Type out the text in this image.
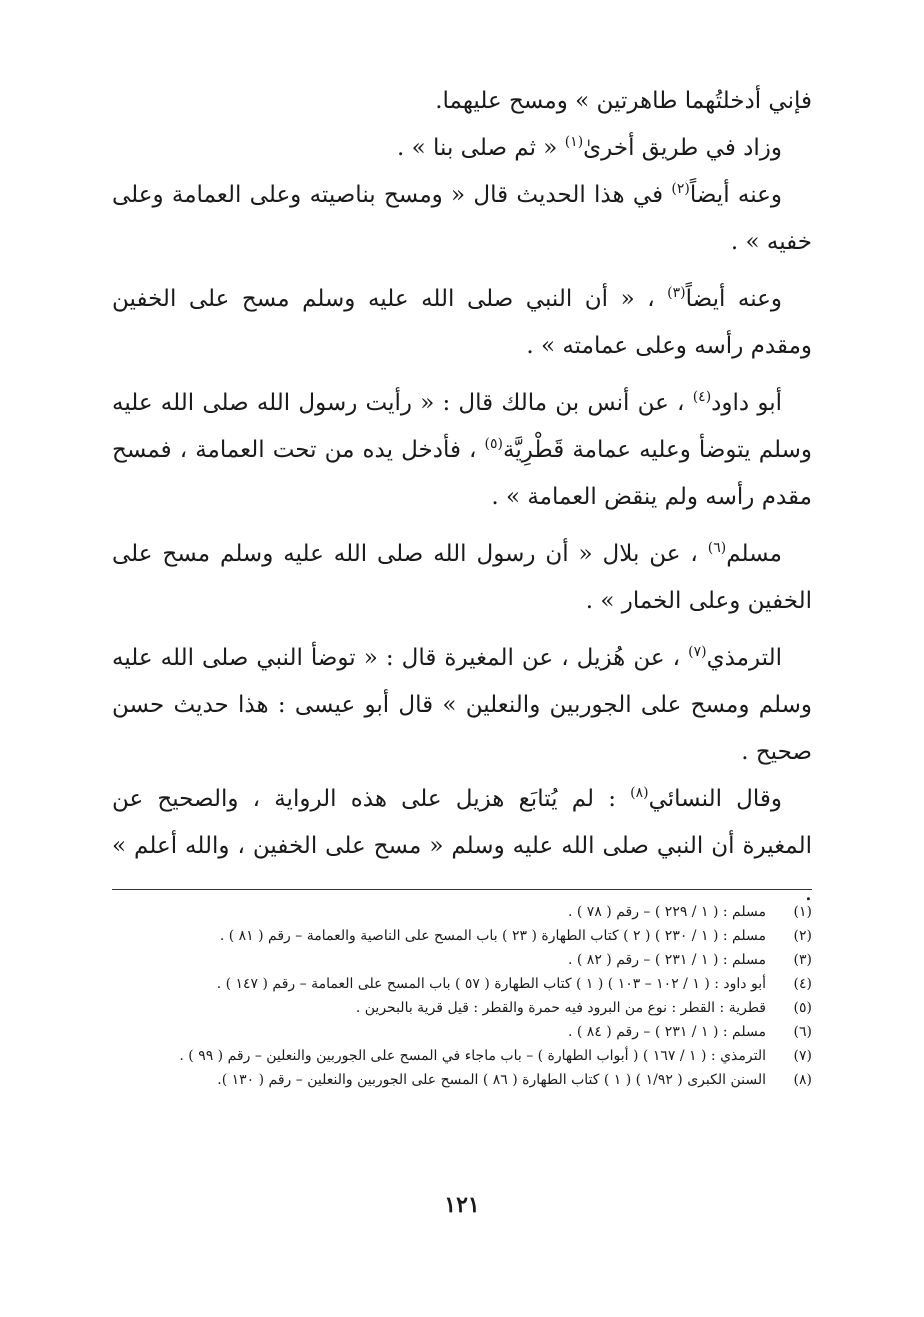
فإني أدخلتُهما طاهرتين » ومسح عليهما.

وزاد في طريق أخرىٰ$^{(١)}$ « ثم صلى بنا » .

وعنه أيضاً$^{(٢)}$ في هذا الحديث قال « ومسح بناصيته وعلى العمامة وعلى خفيه » .

وعنه أيضاً$^{(٣)}$ ، « أن النبي صلى الله عليه وسلم مسح على الخفين ومقدم رأسه وعلى عمامته » .

أبو داود$^{(٤)}$ ، عن أنس بن مالك قال : « رأيت رسول الله صلى الله عليه وسلم يتوضأ وعليه عمامة قَطْرِيَّة$^{(٥)}$ ، فأدخل يده من تحت العمامة ، فمسح مقدم رأسه ولم ينقض العمامة » .

مسلم$^{(٦)}$ ، عن بلال « أن رسول الله صلى الله عليه وسلم مسح على الخفين وعلى الخمار » .

الترمذي$^{(٧)}$ ، عن هُزيل ، عن المغيرة قال : « توضأ النبي صلى الله عليه وسلم ومسح على الجوربين والنعلين » قال أبو عيسى : هذا حديث حسن صحيح .

وقال النسائي$^{(٨)}$ : لم يُتابَع هزيل على هذه الرواية ، والصحيح عن المغيرة أن النبي صلى الله عليه وسلم « مسح على الخفين ، والله أعلم » .

(١)
مسلم : ( ١ / ٢٢٩ ) – رقم ( ٧٨ ) .
(٢)
مسلم : ( ١ / ٢٣٠ ) ( ٢ ) كتاب الطهارة ( ٢٣ ) باب المسح على الناصية والعمامة – رقم ( ٨١ ) .
(٣)
مسلم : ( ١ / ٢٣١ ) – رقم ( ٨٢ ) .
(٤)
أبو داود : ( ١ / ١٠٢ – ١٠٣ ) ( ١ ) كتاب الطهارة ( ٥٧ ) باب المسح على العمامة – رقم ( ١٤٧ ) .
(٥)
قطرية : القطر : نوع من البرود فيه حمرة والقطر : قيل قرية بالبحرين .
(٦)
مسلم : ( ١ / ٢٣١ ) – رقم ( ٨٤ ) .
(٧)
الترمذي : ( ١ / ١٦٧ ) ( أبواب الطهارة ) – باب ماجاء في المسح على الجوربين والنعلين – رقم ( ٩٩ ) .
(٨)
السنن الكبرى ( ١/٩٢ ) ( ١ ) كتاب الطهارة ( ٨٦ ) المسح على الجوربين والنعلين – رقم ( ١٣٠ ).
١٢١
